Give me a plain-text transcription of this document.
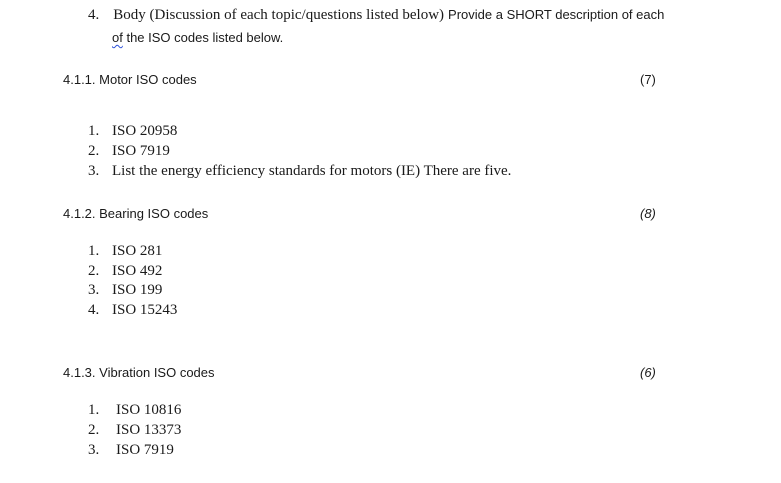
4. Body (Discussion of each topic/questions listed below) Provide a SHORT description of each
of the ISO codes listed below.
4.1.1. Motor ISO codes	(7)
1. ISO 20958
2. ISO 7919
3. List the energy efficiency standards for motors (IE) There are five.
4.1.2. Bearing ISO codes	(8)
1. ISO 281
2. ISO 492
3. ISO 199
4. ISO 15243
4.1.3. Vibration ISO codes	(6)
1. ISO 10816
2. ISO 13373
3. ISO 7919
